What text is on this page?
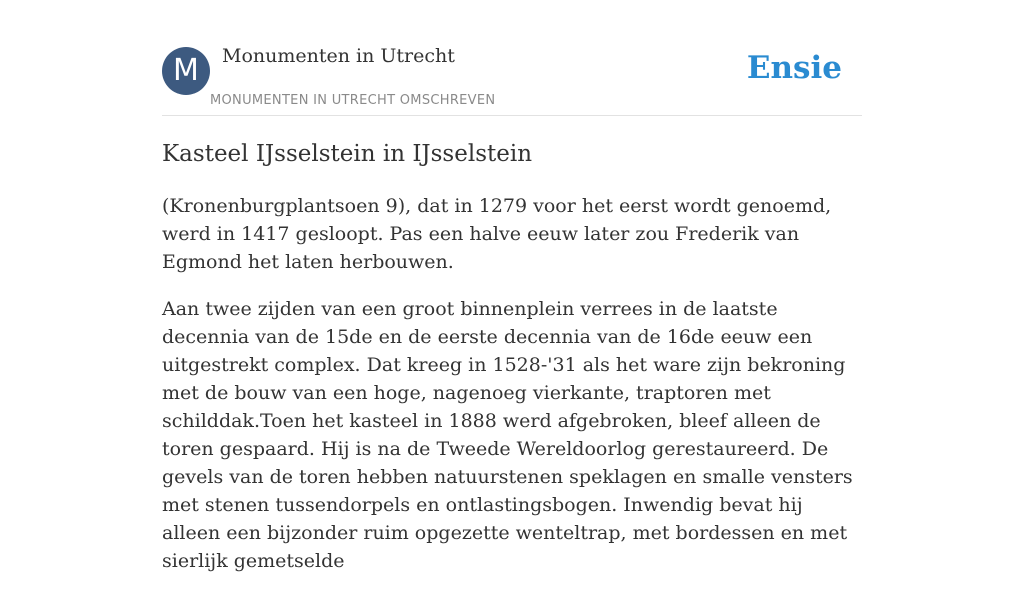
M	Monumenten in Utrecht
MONUMENTEN IN UTRECHT OMSCHREVEN
Ensie
Kasteel IJsselstein in IJsselstein

(Kronenburgplantsoen 9), dat in 1279 voor het eerst wordt genoemd, werd in 1417 gesloopt. Pas een halve eeuw later zou Frederik van Egmond het laten herbouwen.

Aan twee zijden van een groot binnenplein verrees in de laatste decennia van de 15de en de eerste decennia van de 16de eeuw een uitgestrekt complex. Dat kreeg in 1528-'31 als het ware zijn bekroning met de bouw van een hoge, nagenoeg vierkante, traptoren met schilddak.Toen het kasteel in 1888 werd afgebroken, bleef alleen de toren gespaard. Hij is na de Tweede Wereldoorlog gerestaureerd. De gevels van de toren hebben natuurstenen speklagen en smalle vensters met stenen tussendorpels en ontlastingsbogen. Inwendig bevat hij alleen een bijzonder ruim opgezette wenteltrap, met bordessen en met sierlijk gemetselde
